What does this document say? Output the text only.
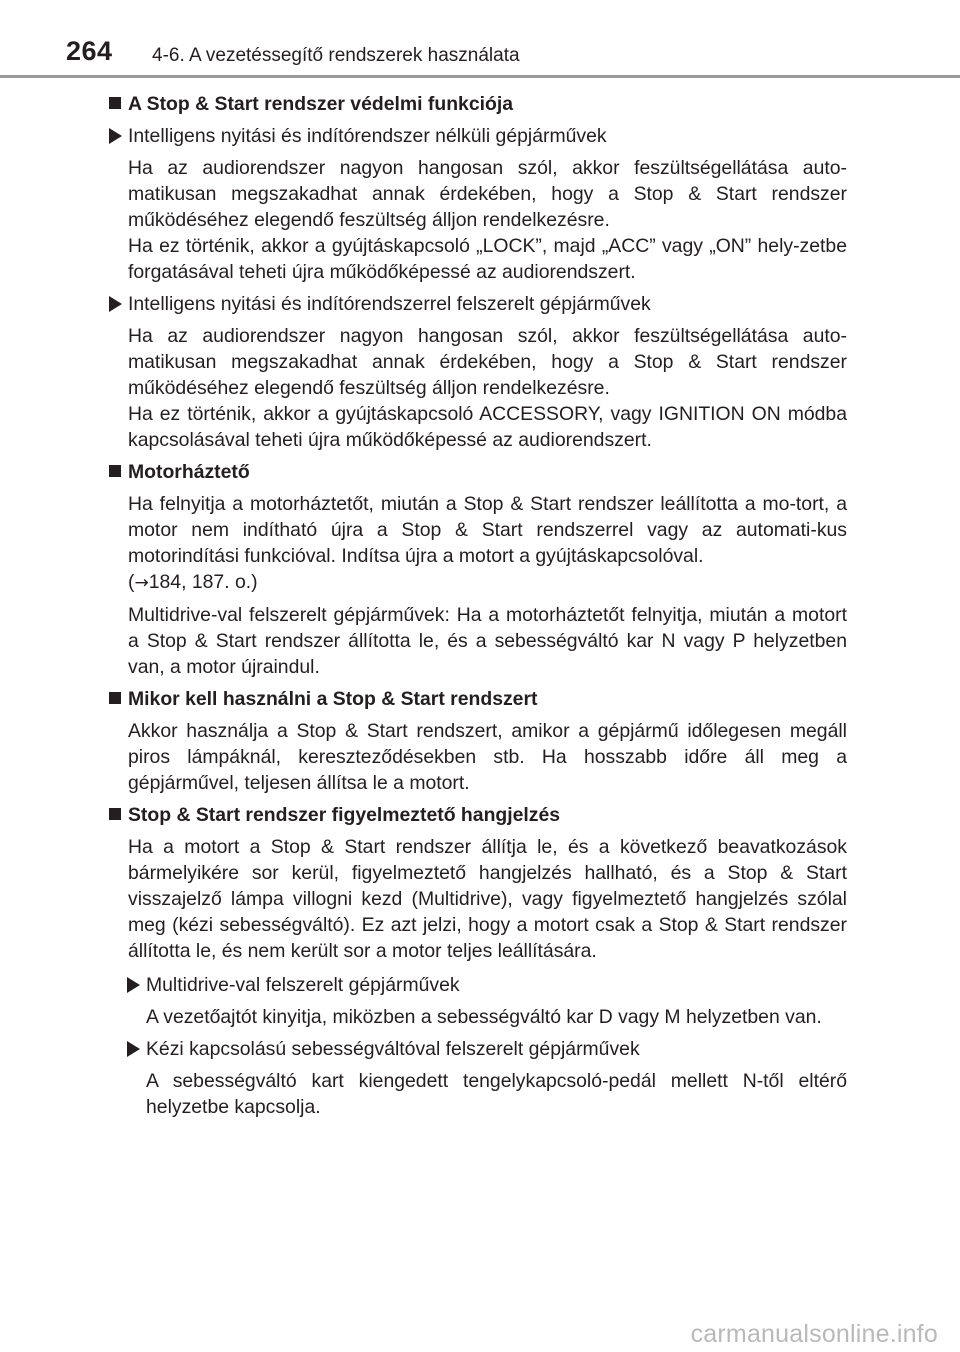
264 4-6. A vezetéssegítő rendszerek használata
A Stop & Start rendszer védelmi funkciója
Intelligens nyitási és indítórendszer nélküli gépjárművek
Ha az audiorendszer nagyon hangosan szól, akkor feszültségellátása auto-matikusan megszakadhat annak érdekében, hogy a Stop & Start rendszer működéséhez elegendő feszültség álljon rendelkezésre.
Ha ez történik, akkor a gyújtáskapcsoló „LOCK”, majd „ACC” vagy „ON” hely-zetbe forgatásával teheti újra működőképessé az audiorendszert.
Intelligens nyitási és indítórendszerrel felszerelt gépjárművek
Ha az audiorendszer nagyon hangosan szól, akkor feszültségellátása auto-matikusan megszakadhat annak érdekében, hogy a Stop & Start rendszer működéséhez elegendő feszültség álljon rendelkezésre.
Ha ez történik, akkor a gyújtáskapcsoló ACCESSORY, vagy IGNITION ON módba kapcsolásával teheti újra működőképessé az audiorendszert.
Motorháztető
Ha felnyitja a motorháztetőt, miután a Stop & Start rendszer leállította a mo-tort, a motor nem indítható újra a Stop & Start rendszerrel vagy az automati-kus motorindítási funkcióval. Indítsa újra a motort a gyújtáskapcsolóval.
(→184, 187. o.)
Multidrive-val felszerelt gépjárművek: Ha a motorháztetőt felnyitja, miután a motort a Stop & Start rendszer állította le, és a sebességváltó kar N vagy P helyzetben van, a motor újraindul.
Mikor kell használni a Stop & Start rendszert
Akkor használja a Stop & Start rendszert, amikor a gépjármű időlegesen megáll piros lámpáknál, kereszteződésekben stb. Ha hosszabb időre áll meg a gépjárművel, teljesen állítsa le a motort.
Stop & Start rendszer figyelmeztető hangjelzés
Ha a motort a Stop & Start rendszer állítja le, és a következő beavatkozások bármelyikére sor kerül, figyelmeztető hangjelzés hallható, és a Stop & Start visszajelző lámpa villogni kezd (Multidrive), vagy figyelmeztető hangjelzés szólal meg (kézi sebességváltó). Ez azt jelzi, hogy a motort csak a Stop & Start rendszer állította le, és nem került sor a motor teljes leállítására.
Multidrive-val felszerelt gépjárművek
A vezetőajtót kinyitja, miközben a sebességváltó kar D vagy M helyzetben van.
Kézi kapcsolású sebességváltóval felszerelt gépjárművek
A sebességváltó kart kiengedett tengelykapcsoló-pedál mellett N-től eltérő helyzetbe kapcsolja.
carmanualsonline.info
